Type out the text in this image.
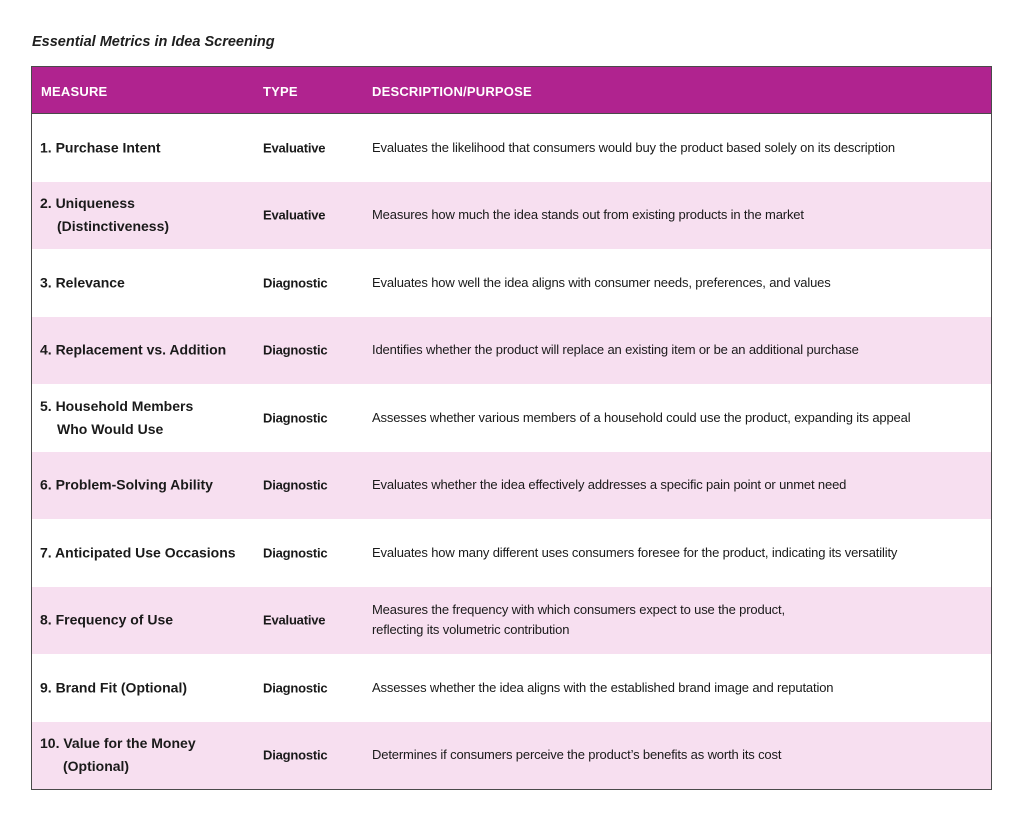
Essential Metrics in Idea Screening
MEASURE	TYPE	DESCRIPTION/PURPOSE
1. Purchase Intent	Evaluative	Evaluates the likelihood that consumers would buy the product based solely on its description
2. Uniqueness
(Distinctiveness)
Evaluative	Measures how much the idea stands out from existing products in the market
3. Relevance	Diagnostic	Evaluates how well the idea aligns with consumer needs, preferences, and values
4. Replacement vs. Addition	Diagnostic	Identifies whether the product will replace an existing item or be an additional purchase
5. Household Members
Who Would Use
Diagnostic	Assesses whether various members of a household could use the product, expanding its appeal
6. Problem-Solving Ability	Diagnostic	Evaluates whether the idea effectively addresses a specific pain point or unmet need
7. Anticipated Use Occasions	Diagnostic	Evaluates how many different uses consumers foresee for the product, indicating its versatility
8. Frequency of Use	Evaluative
Measures the frequency with which consumers expect to use the product,
reflecting its volumetric contribution
9. Brand Fit (Optional)	Diagnostic	Assesses whether the idea aligns with the established brand image and reputation
10. Value for the Money
(Optional)
Diagnostic	Determines if consumers perceive the product’s benefits as worth its cost
